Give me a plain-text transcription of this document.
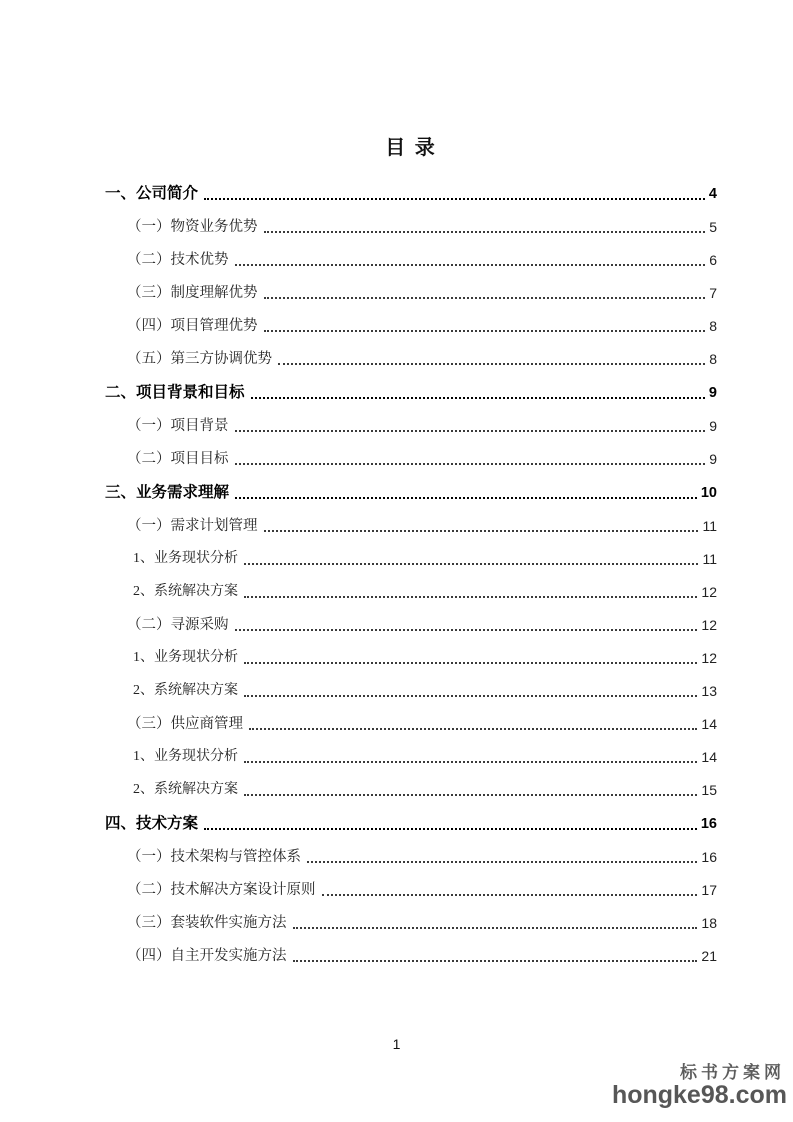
目 录
一、公司简介	4
（一）物资业务优势	5
（二）技术优势	6
（三）制度理解优势	7
（四）项目管理优势	8
（五）第三方协调优势	8
二、项目背景和目标	9
（一）项目背景	9
（二）项目目标	9
三、业务需求理解	10
（一）需求计划管理	11
1、业务现状分析	11
2、系统解决方案	12
（二）寻源采购	12
1、业务现状分析	12
2、系统解决方案	13
（三）供应商管理	14
1、业务现状分析	14
2、系统解决方案	15
四、技术方案	16
（一）技术架构与管控体系	16
（二）技术解决方案设计原则	17
（三）套装软件实施方法	18
（四）自主开发实施方法	21
1
标书方案网
hongke98.com
